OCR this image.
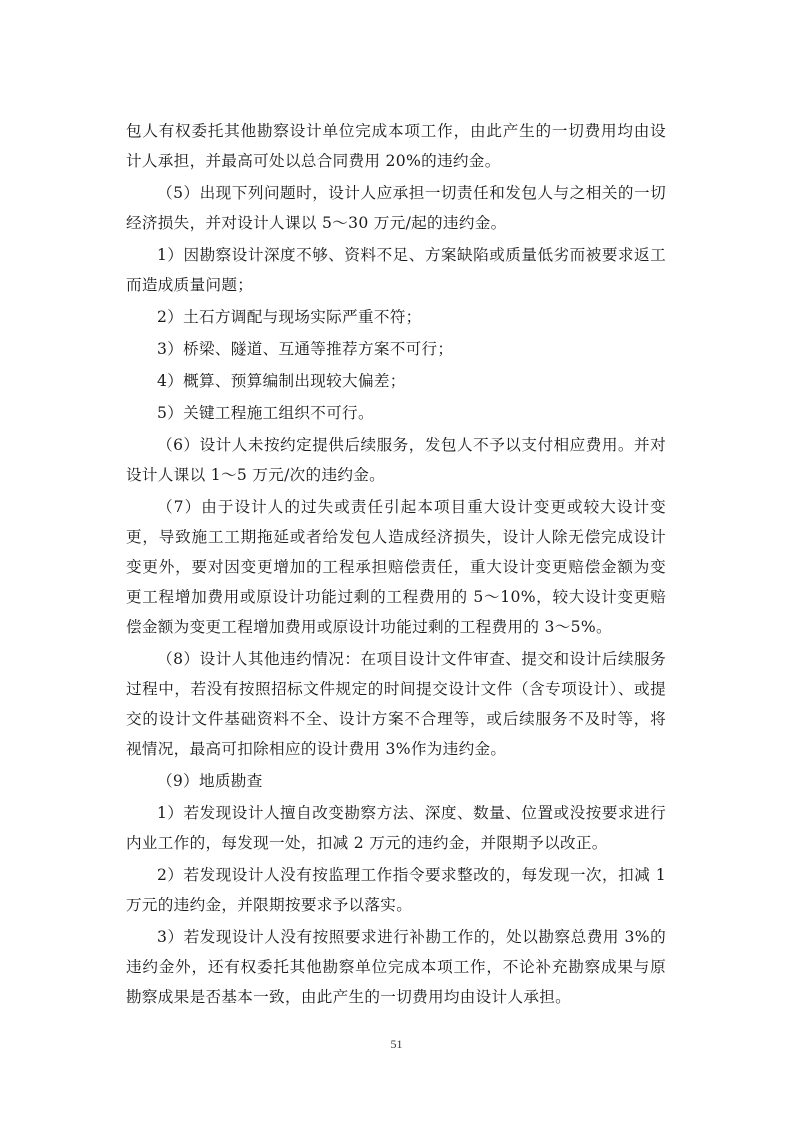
包人有权委托其他勘察设计单位完成本项工作，由此产生的一切费用均由设计人承担，并最高可处以总合同费用 20%的违约金。

（5）出现下列问题时，设计人应承担一切责任和发包人与之相关的一切经济损失，并对设计人课以 5～30 万元/起的违约金。

1）因勘察设计深度不够、资料不足、方案缺陷或质量低劣而被要求返工而造成质量问题；

2）土石方调配与现场实际严重不符；

3）桥梁、隧道、互通等推荐方案不可行；

4）概算、预算编制出现较大偏差；

5）关键工程施工组织不可行。

（6）设计人未按约定提供后续服务，发包人不予以支付相应费用。并对设计人课以 1～5 万元/次的违约金。

（7）由于设计人的过失或责任引起本项目重大设计变更或较大设计变更，导致施工工期拖延或者给发包人造成经济损失，设计人除无偿完成设计变更外，要对因变更增加的工程承担赔偿责任，重大设计变更赔偿金额为变更工程增加费用或原设计功能过剩的工程费用的 5～10%，较大设计变更赔偿金额为变更工程增加费用或原设计功能过剩的工程费用的 3～5%。

（8）设计人其他违约情况：在项目设计文件审查、提交和设计后续服务过程中，若没有按照招标文件规定的时间提交设计文件（含专项设计）、或提交的设计文件基础资料不全、设计方案不合理等，或后续服务不及时等，将视情况，最高可扣除相应的设计费用 3%作为违约金。

（9）地质勘查

1）若发现设计人擅自改变勘察方法、深度、数量、位置或没按要求进行内业工作的，每发现一处，扣减 2 万元的违约金，并限期予以改正。

2）若发现设计人没有按监理工作指令要求整改的，每发现一次，扣减 1 万元的违约金，并限期按要求予以落实。

3）若发现设计人没有按照要求进行补勘工作的，处以勘察总费用 3%的违约金外，还有权委托其他勘察单位完成本项工作，不论补充勘察成果与原勘察成果是否基本一致，由此产生的一切费用均由设计人承担。

51
